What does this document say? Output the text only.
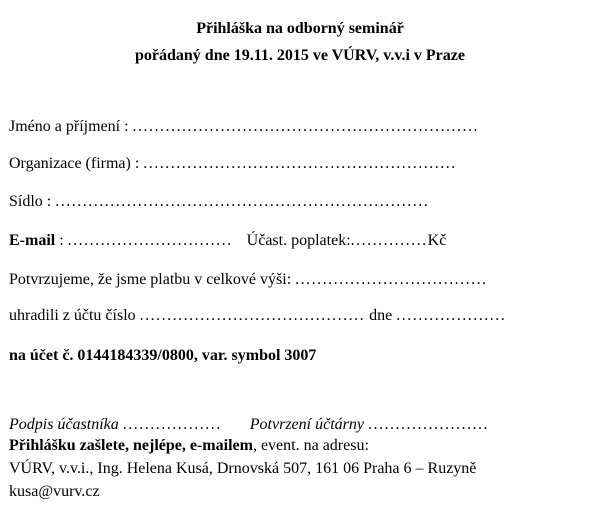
Přihláška na odborný seminář
pořádaný dne 19.11. 2015 ve VÚRV, v.v.i v Praze
Jméno a příjmení : ...............................................................
Organizace (firma) : .........................................................
Sídlo : ....................................................................
E-mail : .............................. Účast. poplatek:..............Kč
Potvrzujeme, že jsme platbu v celkové výši: ...................................
uhradili z účtu číslo ......................................... dne ....................
na účet č. 0144184339/0800, var. symbol 3007
Podpis účastníka .................. Potvrzení účtárny ......................
Přihlášku zašlete, nejlépe, e-mailem, event. na adresu:
VÚRV, v.v.i., Ing. Helena Kusá, Drnovská 507, 161 06 Praha 6 – Ruzyně
kusa@vurv.cz
